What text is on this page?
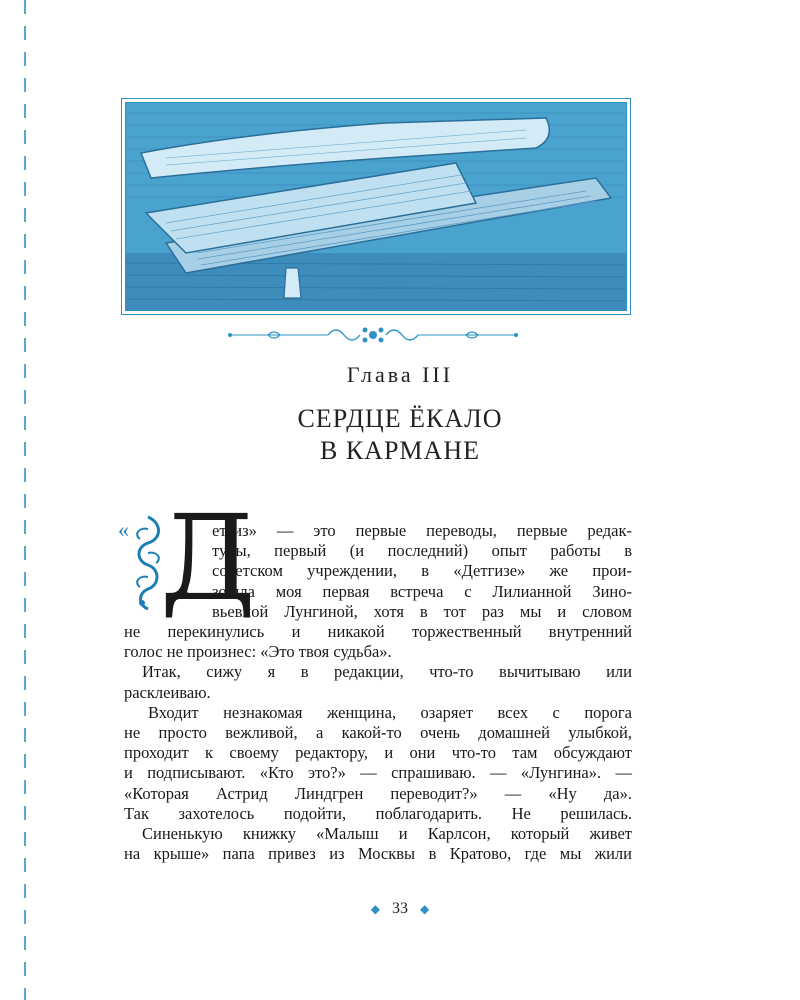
Глава III
СЕРДЦЕ ЁКАЛО
В КАРМАНЕ
« Д
етгиз» — это первые переводы, первые редак-
туры, первый (и последний) опыт работы в
советском учреждении, в «Детгизе» же прои-
зошла моя первая встреча с Лилианной Зино-
вьевной Лунгиной, хотя в тот раз мы и словом
не перекинулись и никакой торжественный внутренний
голос не произнес: «Это твоя судьба».
Итак, сижу я в редакции, что-то вычитываю или
расклеиваю.
Входит незнакомая женщина, озаряет всех с порога
не просто вежливой, а какой-то очень домашней улыбкой,
проходит к своему редактору, и они что-то там обсуждают
и подписывают. «Кто это?» — спрашиваю. — «Лунгина». —
«Которая Астрид Линдгрен переводит?» — «Ну да».
Так захотелось подойти, поблагодарить. Не решилась.
Синенькую книжку «Малыш и Карлсон, который живет
на крыше» папа привез из Москвы в Кратово, где мы жили
◆ 33 ◆
